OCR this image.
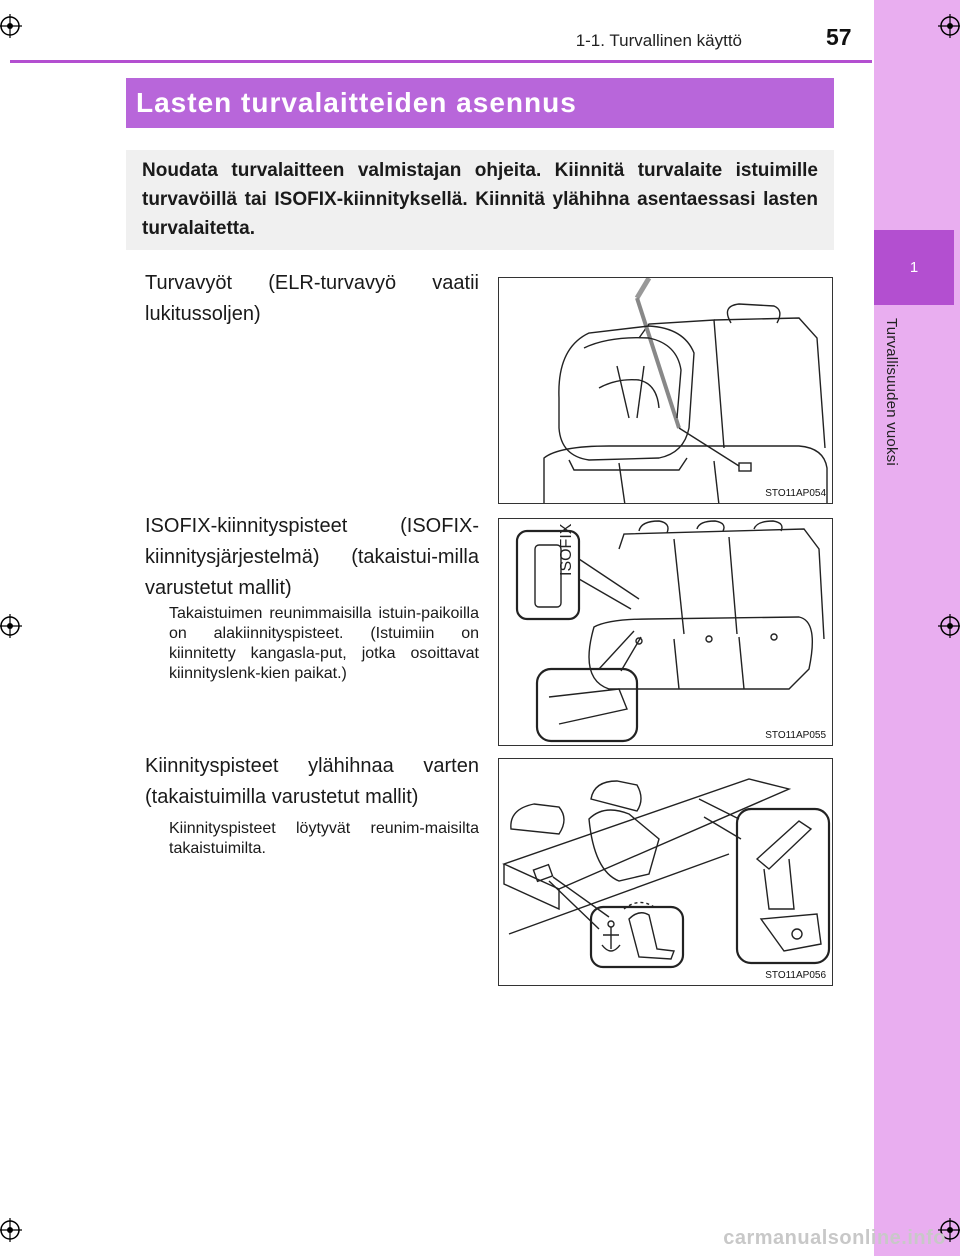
1
Turvallisuuden vuoksi
1-1. Turvallinen käyttö	57
Lasten turvalaitteiden asennus

Noudata turvalaitteen valmistajan ohjeita. Kiinnitä turvalaite istuimille turvavöillä tai ISOFIX-kiinnityksellä. Kiinnitä ylähihna asentaessasi lasten turvalaitetta.

Turvavyöt (ELR-turvavyö vaatii lukitussoljen)

STO11AP054

ISOFIX-kiinnityspisteet (ISOFIX-kiinnitysjärjestelmä) (takaistui-milla varustetut mallit)

Takaistuimen reunimmaisilla istuin-paikoilla on alakiinnityspisteet. (Istuimiin on kiinnitetty kangasla-put, jotka osoittavat kiinnityslenk-kien paikat.)

ISOFIX
STO11AP055

Kiinnityspisteet ylähihnaa varten (takaistuimilla varustetut mallit)

Kiinnityspisteet löytyvät reunim-maisilta takaistuimilta.

STO11AP056
carmanualsonline.info
